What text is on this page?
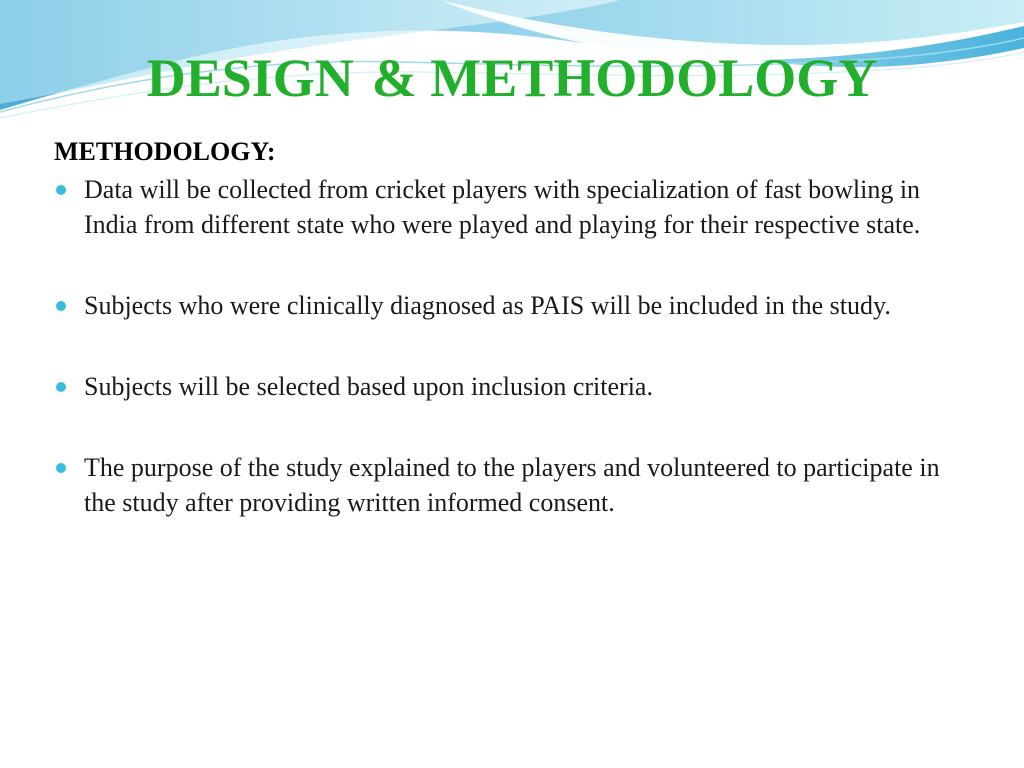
DESIGN & METHODOLOGY

METHODOLOGY:

Data will be collected from cricket players with specialization of fast bowling in India from different state who were played and playing for their respective state.
Subjects who were clinically diagnosed as PAIS will be included in the study.
Subjects will be selected based upon inclusion criteria.
The purpose of the study explained to the players and volunteered to participate in the study after providing written informed consent.
